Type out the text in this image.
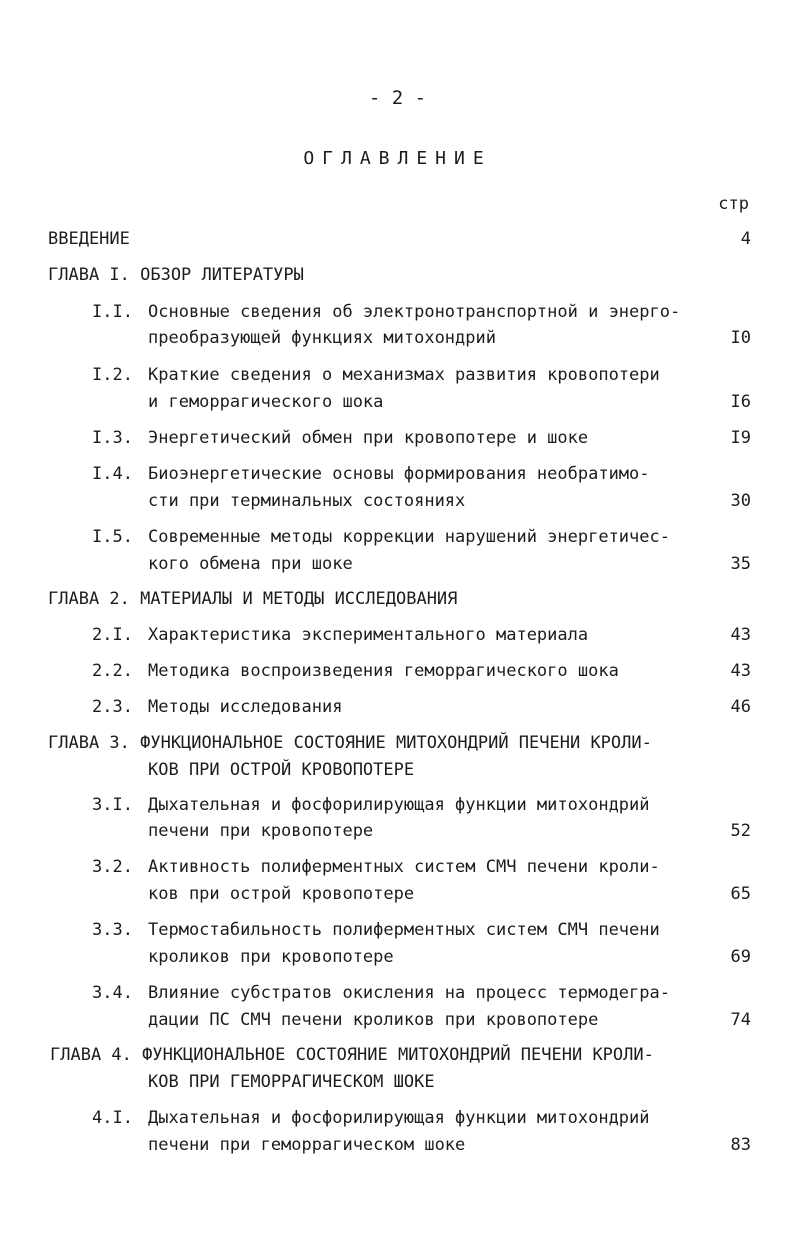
- 2 -
ОГЛАВЛЕНИЕ
стр
ВВЕДЕНИЕ	4
ГЛАВА I. ОБЗОР ЛИТЕРАТУРЫ
I.I. Основные сведения об электронотранспортной и энерго-
преобразующей функциях митохондрий	I0
I.2. Краткие сведения о механизмах развития кровопотери
и геморрагического шока	I6
I.3. Энергетический обмен при кровопотере и шоке	I9
I.4. Биоэнергетические основы формирования необратимо-
сти при терминальных состояниях	30
I.5. Современные методы коррекции нарушений энергетичес-
кого обмена при шоке	35
ГЛАВА 2. МАТЕРИАЛЫ И МЕТОДЫ ИССЛЕДОВАНИЯ
2.I. Характеристика экспериментального материала	43
2.2. Методика воспроизведения геморрагического шока	43
2.3. Методы исследования	46
ГЛАВА 3. ФУНКЦИОНАЛЬНОЕ СОСТОЯНИЕ МИТОХОНДРИЙ ПЕЧЕНИ КРОЛИ-
КОВ ПРИ ОСТРОЙ КРОВОПОТЕРЕ
3.I. Дыхательная и фосфорилирующая функции митохондрий
печени при кровопотере	52
3.2. Активность полиферментных систем СМЧ печени кроли-
ков при острой кровопотере	65
3.3. Термостабильность полиферментных систем СМЧ печени
кроликов при кровопотере	69
3.4. Влияние субстратов окисления на процесс термодегра-
дации ПС СМЧ печени кроликов при кровопотере	74
ГЛАВА 4. ФУНКЦИОНАЛЬНОЕ СОСТОЯНИЕ МИТОХОНДРИЙ ПЕЧЕНИ КРОЛИ-
КОВ ПРИ ГЕМОРРАГИЧЕСКОМ ШОКЕ
4.I. Дыхательная и фосфорилирующая функции митохондрий
печени при геморрагическом шоке	83
